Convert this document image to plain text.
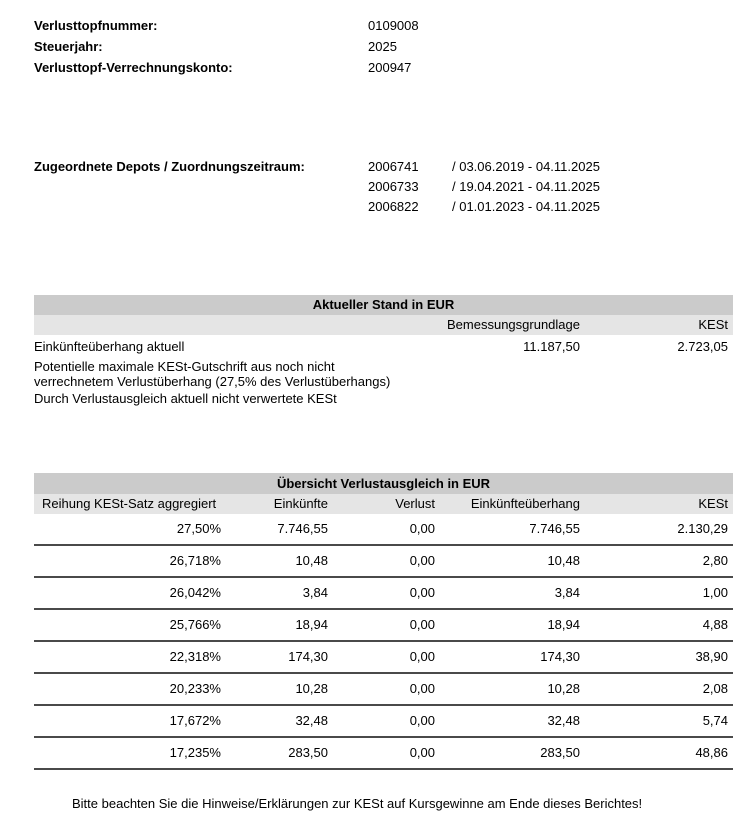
Verlusttopfnummer:	0109008
Steuerjahr:	2025
Verlusttopf-Verrechnungskonto:	200947
Zugeordnete Depots / Zuordnungszeitraum:	2006741	/ 03.06.2019 - 04.11.2025
2006733	/ 19.04.2021 - 04.11.2025
2006822	/ 01.01.2023 - 04.11.2025
Aktueller Stand in EUR
Bemessungsgrundlage	KESt
Einkünfteüberhang aktuell	11.187,50	2.723,05
Potentielle maximale KESt-Gutschrift aus noch nicht
verrechnetem Verlustüberhang (27,5% des Verlustüberhangs)
Durch Verlustausgleich aktuell nicht verwertete KESt
Übersicht Verlustausgleich in EUR
Reihung KESt-Satz aggregiert	Einkünfte	Verlust	Einkünfteüberhang	KESt
27,50%	7.746,55	0,00	7.746,55	2.130,29
26,718%	10,48	0,00	10,48	2,80
26,042%	3,84	0,00	3,84	1,00
25,766%	18,94	0,00	18,94	4,88
22,318%	174,30	0,00	174,30	38,90
20,233%	10,28	0,00	10,28	2,08
17,672%	32,48	0,00	32,48	5,74
17,235%	283,50	0,00	283,50	48,86
Bitte beachten Sie die Hinweise/Erklärungen zur KESt auf Kursgewinne am Ende dieses Berichtes!
